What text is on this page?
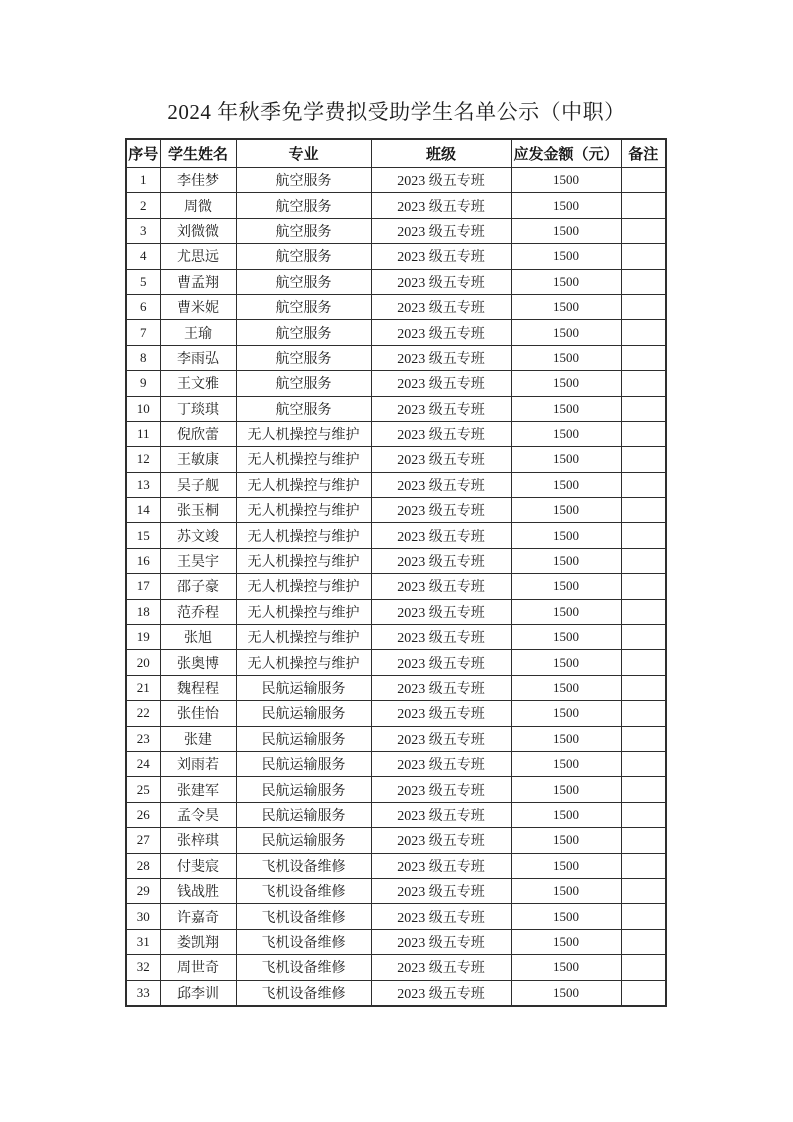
2024 年秋季免学费拟受助学生名单公示（中职）
序号	学生姓名	专业	班级	应发金额（元）	备注
1	李佳梦	航空服务	2023 级五专班	1500	
2	周微	航空服务	2023 级五专班	1500	
3	刘微微	航空服务	2023 级五专班	1500	
4	尤思远	航空服务	2023 级五专班	1500	
5	曹孟翔	航空服务	2023 级五专班	1500	
6	曹米妮	航空服务	2023 级五专班	1500	
7	王瑜	航空服务	2023 级五专班	1500	
8	李雨弘	航空服务	2023 级五专班	1500	
9	王文雅	航空服务	2023 级五专班	1500	
10	丁琰琪	航空服务	2023 级五专班	1500	
11	倪欣蕾	无人机操控与维护	2023 级五专班	1500	
12	王敏康	无人机操控与维护	2023 级五专班	1500	
13	吴子舰	无人机操控与维护	2023 级五专班	1500	
14	张玉桐	无人机操控与维护	2023 级五专班	1500	
15	苏文竣	无人机操控与维护	2023 级五专班	1500	
16	王昊宇	无人机操控与维护	2023 级五专班	1500	
17	邵子豪	无人机操控与维护	2023 级五专班	1500	
18	范乔程	无人机操控与维护	2023 级五专班	1500	
19	张旭	无人机操控与维护	2023 级五专班	1500	
20	张奥博	无人机操控与维护	2023 级五专班	1500	
21	魏程程	民航运输服务	2023 级五专班	1500	
22	张佳怡	民航运输服务	2023 级五专班	1500	
23	张建	民航运输服务	2023 级五专班	1500	
24	刘雨若	民航运输服务	2023 级五专班	1500	
25	张建军	民航运输服务	2023 级五专班	1500	
26	孟令昊	民航运输服务	2023 级五专班	1500	
27	张梓琪	民航运输服务	2023 级五专班	1500	
28	付斐宸	飞机设备维修	2023 级五专班	1500	
29	钱战胜	飞机设备维修	2023 级五专班	1500	
30	许嘉奇	飞机设备维修	2023 级五专班	1500	
31	娄凯翔	飞机设备维修	2023 级五专班	1500	
32	周世奇	飞机设备维修	2023 级五专班	1500	
33	邱李训	飞机设备维修	2023 级五专班	1500	
